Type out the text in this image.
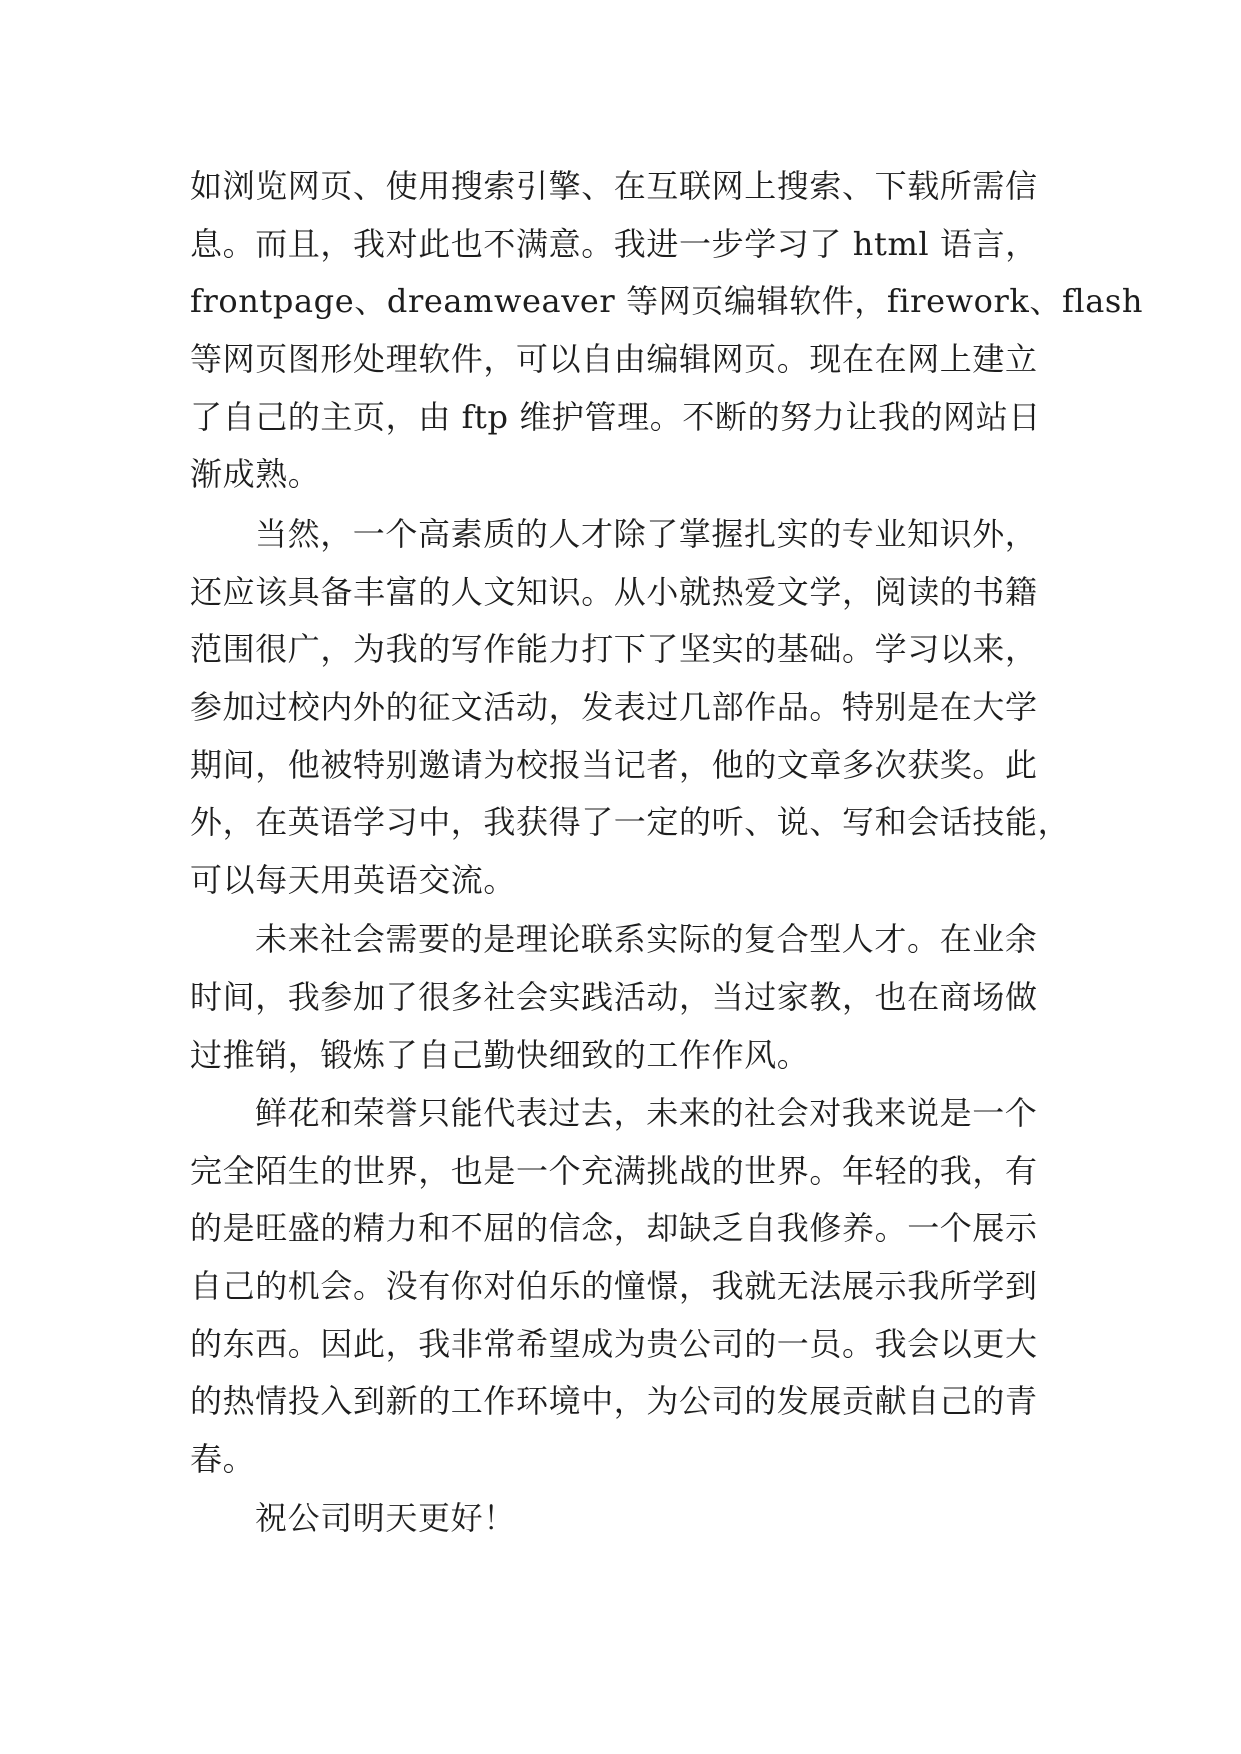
如浏览网页、使用搜索引擎、在互联网上搜索、下载所需信
息。而且，我对此也不满意。我进一步学习了 html 语言，
frontpage、dreamweaver 等网页编辑软件，firework、flash
等网页图形处理软件，可以自由编辑网页。现在在网上建立
了自己的主页，由 ftp 维护管理。不断的努力让我的网站日
渐成熟。
当然，一个高素质的人才除了掌握扎实的专业知识外，
还应该具备丰富的人文知识。从小就热爱文学，阅读的书籍
范围很广，为我的写作能力打下了坚实的基础。学习以来，
参加过校内外的征文活动，发表过几部作品。特别是在大学
期间，他被特别邀请为校报当记者，他的文章多次获奖。此
外，在英语学习中，我获得了一定的听、说、写和会话技能，
可以每天用英语交流。
未来社会需要的是理论联系实际的复合型人才。在业余
时间，我参加了很多社会实践活动，当过家教，也在商场做
过推销，锻炼了自己勤快细致的工作作风。
鲜花和荣誉只能代表过去，未来的社会对我来说是一个
完全陌生的世界，也是一个充满挑战的世界。年轻的我，有
的是旺盛的精力和不屈的信念，却缺乏自我修养。一个展示
自己的机会。没有你对伯乐的憧憬，我就无法展示我所学到
的东西。因此，我非常希望成为贵公司的一员。我会以更大
的热情投入到新的工作环境中，为公司的发展贡献自己的青
春。
祝公司明天更好！
